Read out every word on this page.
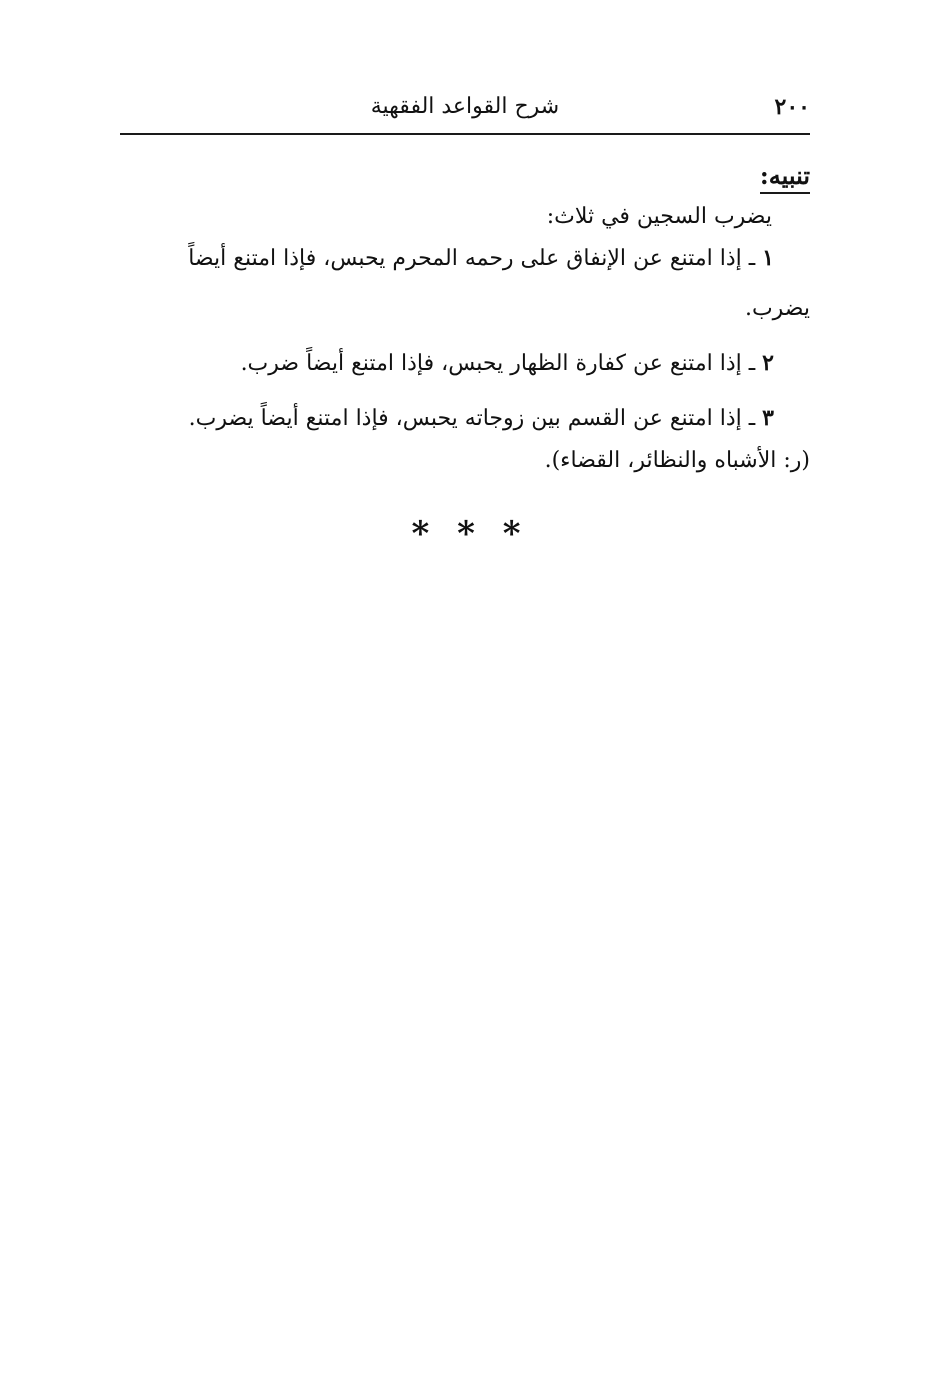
٢٠٠
شرح القواعد الفقهية
تنبيه:

يضرب السجين في ثلاث:

١ ـ إذا امتنع عن الإنفاق على رحمه المحرم يحبس، فإذا امتنع أيضاً

يضرب.

٢ ـ إذا امتنع عن كفارة الظهار يحبس، فإذا امتنع أيضاً ضرب.

٣ ـ إذا امتنع عن القسم بين زوجاته يحبس، فإذا امتنع أيضاً يضرب.

(ر: الأشباه والنظائر، القضاء).

* * *
